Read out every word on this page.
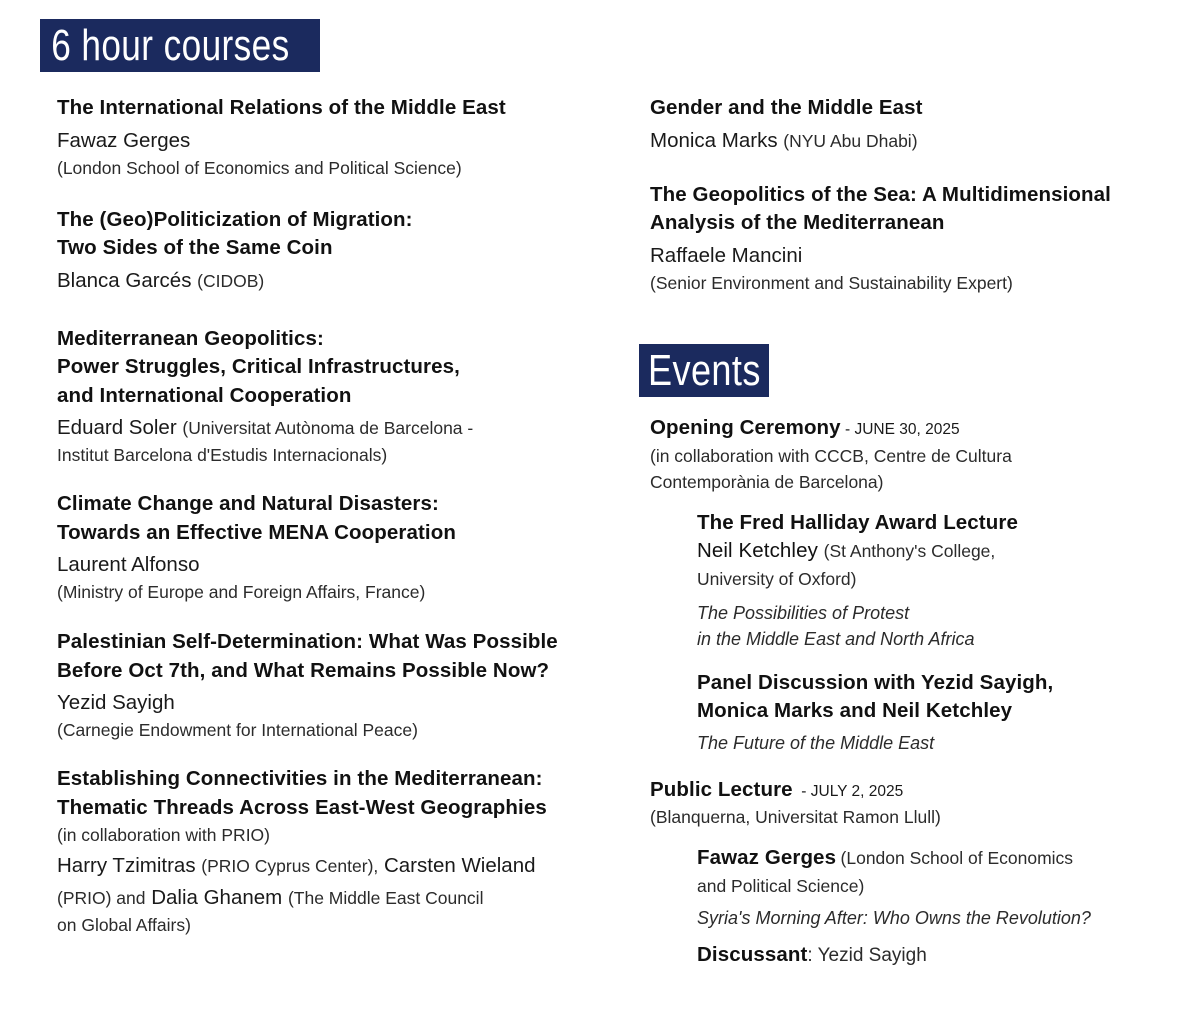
6 hour courses
Events
The International Relations of the Middle East
Fawaz Gerges
(London School of Economics and Political Science)
The (Geo)Politicization of Migration:
Two Sides of the Same Coin
Blanca Garcés (CIDOB)
Mediterranean Geopolitics:
Power Struggles, Critical Infrastructures,
and International Cooperation
Eduard Soler (Universitat Autònoma de Barcelona -
Institut Barcelona d'Estudis Internacionals)
Climate Change and Natural Disasters:
Towards an Effective MENA Cooperation
Laurent Alfonso
(Ministry of Europe and Foreign Affairs, France)
Palestinian Self-Determination: What Was Possible
Before Oct 7th, and What Remains Possible Now?
Yezid Sayigh
(Carnegie Endowment for International Peace)
Establishing Connectivities in the Mediterranean:
Thematic Threads Across East-West Geographies
(in collaboration with PRIO)
Harry Tzimitras (PRIO Cyprus Center), Carsten Wieland
(PRIO) and Dalia Ghanem (The Middle East Council
on Global Affairs)
Gender and the Middle East
Monica Marks (NYU Abu Dhabi)
The Geopolitics of the Sea: A Multidimensional
Analysis of the Mediterranean
Raffaele Mancini
(Senior Environment and Sustainability Expert)
Opening Ceremony - JUNE 30, 2025
(in collaboration with CCCB, Centre de Cultura
Contemporània de Barcelona)
The Fred Halliday Award Lecture
Neil Ketchley (St Anthony's College,
University of Oxford)
The Possibilities of Protest
in the Middle East and North Africa
Panel Discussion with Yezid Sayigh,
Monica Marks and Neil Ketchley
The Future of the Middle East
Public Lecture  - JULY 2, 2025
(Blanquerna, Universitat Ramon Llull)
Fawaz Gerges (London School of Economics
and Political Science)
Syria's Morning After: Who Owns the Revolution?
Discussant: Yezid Sayigh
